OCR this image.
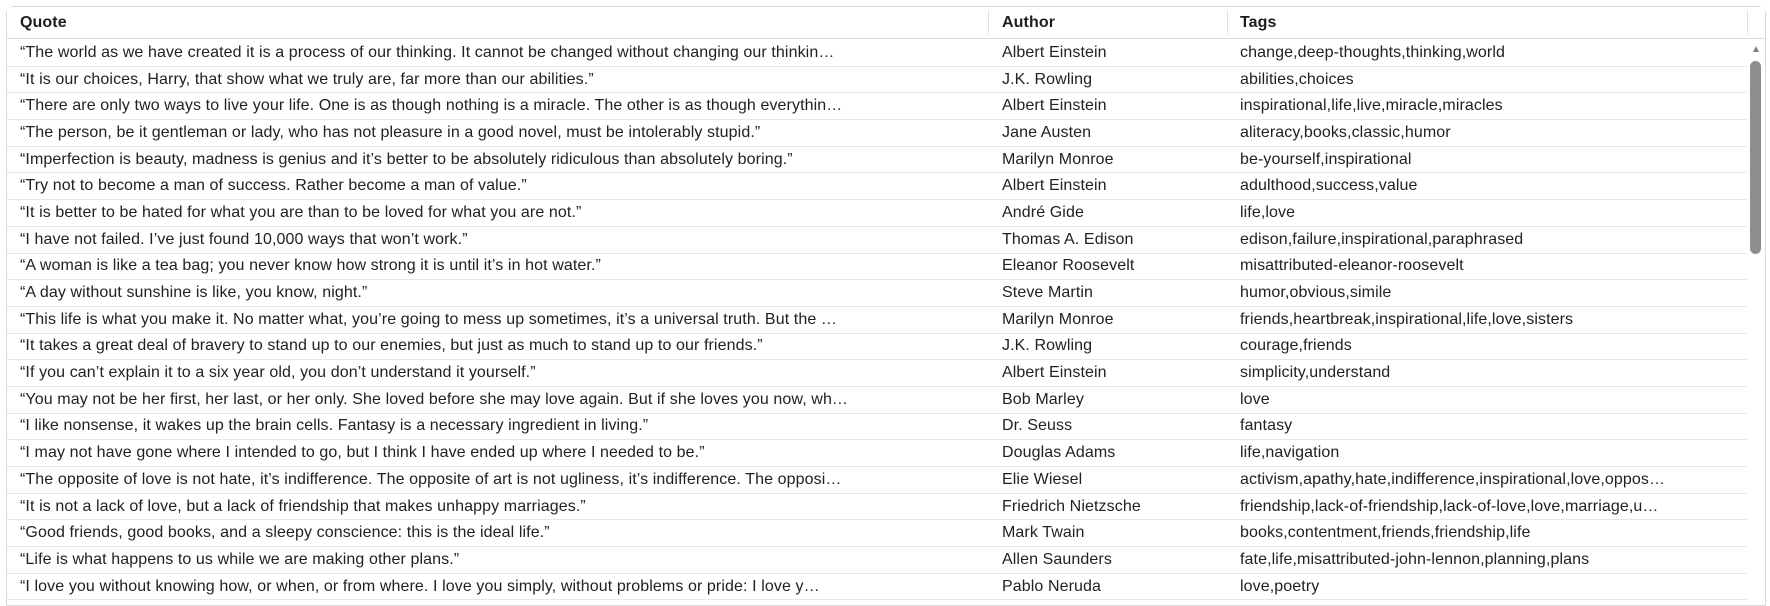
Quote	Author	Tags
“The world as we have created it is a process of our thinking. It cannot be changed without changing our thinkin…	Albert Einstein	change,deep-thoughts,thinking,world
“It is our choices, Harry, that show what we truly are, far more than our abilities.”	J.K. Rowling	abilities,choices
“There are only two ways to live your life. One is as though nothing is a miracle. The other is as though everythin…	Albert Einstein	inspirational,life,live,miracle,miracles
“The person, be it gentleman or lady, who has not pleasure in a good novel, must be intolerably stupid.”	Jane Austen	aliteracy,books,classic,humor
“Imperfection is beauty, madness is genius and it’s better to be absolutely ridiculous than absolutely boring.”	Marilyn Monroe	be-yourself,inspirational
“Try not to become a man of success. Rather become a man of value.”	Albert Einstein	adulthood,success,value
“It is better to be hated for what you are than to be loved for what you are not.”	André Gide	life,love
“I have not failed. I’ve just found 10,000 ways that won’t work.”	Thomas A. Edison	edison,failure,inspirational,paraphrased
“A woman is like a tea bag; you never know how strong it is until it’s in hot water.”	Eleanor Roosevelt	misattributed-eleanor-roosevelt
“A day without sunshine is like, you know, night.”	Steve Martin	humor,obvious,simile
“This life is what you make it. No matter what, you’re going to mess up sometimes, it’s a universal truth. But the …	Marilyn Monroe	friends,heartbreak,inspirational,life,love,sisters
“It takes a great deal of bravery to stand up to our enemies, but just as much to stand up to our friends.”	J.K. Rowling	courage,friends
“If you can’t explain it to a six year old, you don’t understand it yourself.”	Albert Einstein	simplicity,understand
“You may not be her first, her last, or her only. She loved before she may love again. But if she loves you now, wh…	Bob Marley	love
“I like nonsense, it wakes up the brain cells. Fantasy is a necessary ingredient in living.”	Dr. Seuss	fantasy
“I may not have gone where I intended to go, but I think I have ended up where I needed to be.”	Douglas Adams	life,navigation
“The opposite of love is not hate, it’s indifference. The opposite of art is not ugliness, it’s indifference. The opposi…	Elie Wiesel	activism,apathy,hate,indifference,inspirational,love,oppos…
“It is not a lack of love, but a lack of friendship that makes unhappy marriages.”	Friedrich Nietzsche	friendship,lack-of-friendship,lack-of-love,love,marriage,u…
“Good friends, good books, and a sleepy conscience: this is the ideal life.”	Mark Twain	books,contentment,friends,friendship,life
“Life is what happens to us while we are making other plans.”	Allen Saunders	fate,life,misattributed-john-lennon,planning,plans
“I love you without knowing how, or when, or from where. I love you simply, without problems or pride: I love y…	Pablo Neruda	love,poetry
▲
